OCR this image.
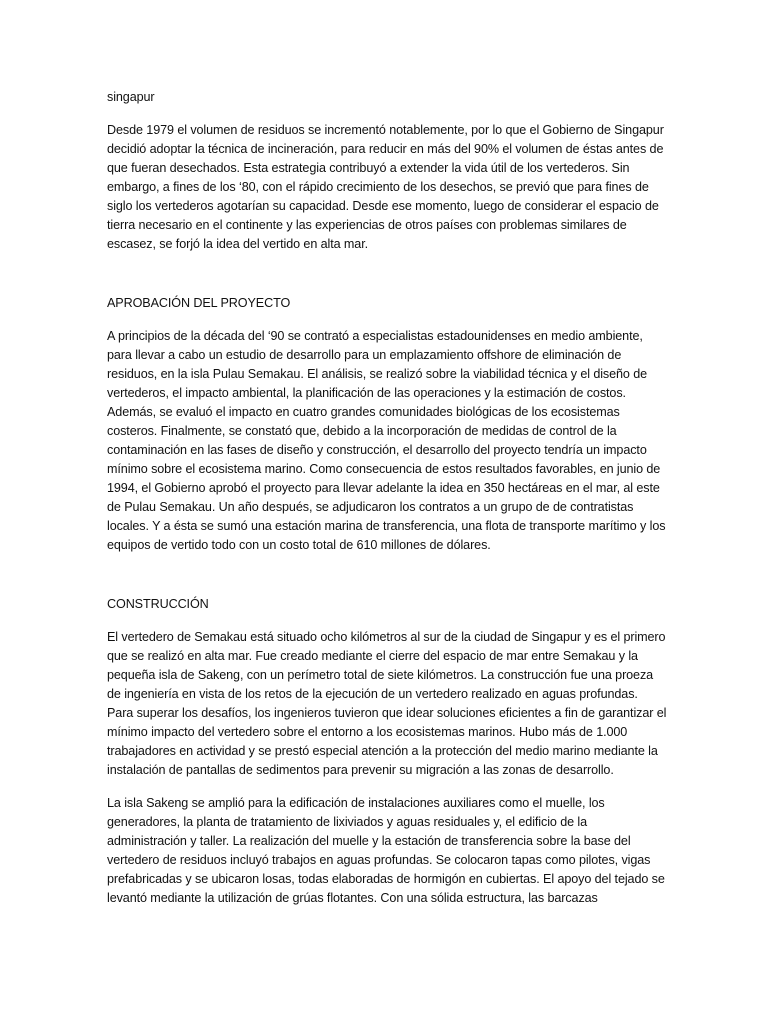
singapur

Desde 1979 el volumen de residuos se incrementó notablemente, por lo que el Gobierno de Singapur decidió adoptar la técnica de incineración, para reducir en más del 90% el volumen de éstas antes de que fueran desechados. Esta estrategia contribuyó a extender la vida útil de los vertederos. Sin embargo, a fines de los ‘80, con el rápido crecimiento de los desechos, se previó que para fines de siglo los vertederos agotarían su capacidad. Desde ese momento, luego de considerar el espacio de tierra necesario en el continente y las experiencias de otros países con problemas similares de escasez, se forjó la idea del vertido en alta mar.

APROBACIÓN DEL PROYECTO

A principios de la década del ‘90 se contrató a especialistas estadounidenses en medio ambiente, para llevar a cabo un estudio de desarrollo para un emplazamiento offshore de eliminación de residuos, en la isla Pulau Semakau. El análisis, se realizó sobre la viabilidad técnica y el diseño de vertederos, el impacto ambiental, la planificación de las operaciones y la estimación de costos. Además, se evaluó el impacto en cuatro grandes comunidades biológicas de los ecosistemas costeros. Finalmente, se constató que, debido a la incorporación de medidas de control de la contaminación en las fases de diseño y construcción, el desarrollo del proyecto tendría un impacto mínimo sobre el ecosistema marino. Como consecuencia de estos resultados favorables, en junio de 1994, el Gobierno aprobó el proyecto para llevar adelante la idea en 350 hectáreas en el mar, al este de Pulau Semakau. Un año después, se adjudicaron los contratos a un grupo de de contratistas locales. Y a ésta se sumó una estación marina de transferencia, una flota de transporte marítimo y los equipos de vertido todo con un costo total de 610 millones de dólares.

CONSTRUCCIÓN

El vertedero de Semakau está situado ocho kilómetros al sur de la ciudad de Singapur y es el primero que se realizó en alta mar. Fue creado mediante el cierre del espacio de mar entre Semakau y la pequeña isla de Sakeng, con un perímetro total de siete kilómetros. La construcción fue una proeza de ingeniería en vista de los retos de la ejecución de un vertedero realizado en aguas profundas. Para superar los desafíos, los ingenieros tuvieron que idear soluciones eficientes a fin de garantizar el mínimo impacto del vertedero sobre el entorno a los ecosistemas marinos. Hubo más de 1.000 trabajadores en actividad y se prestó especial atención a la protección del medio marino mediante la instalación de pantallas de sedimentos para prevenir su migración a las zonas de desarrollo.

La isla Sakeng se amplió para la edificación de instalaciones auxiliares como el muelle, los generadores, la planta de tratamiento de lixiviados y aguas residuales y, el edificio de la administración y taller. La realización del muelle y la estación de transferencia sobre la base del vertedero de residuos incluyó trabajos en aguas profundas. Se colocaron tapas como pilotes, vigas prefabricadas y se ubicaron losas, todas elaboradas de hormigón en cubiertas. El apoyo del tejado se levantó mediante la utilización de grúas flotantes. Con una sólida estructura, las barcazas
